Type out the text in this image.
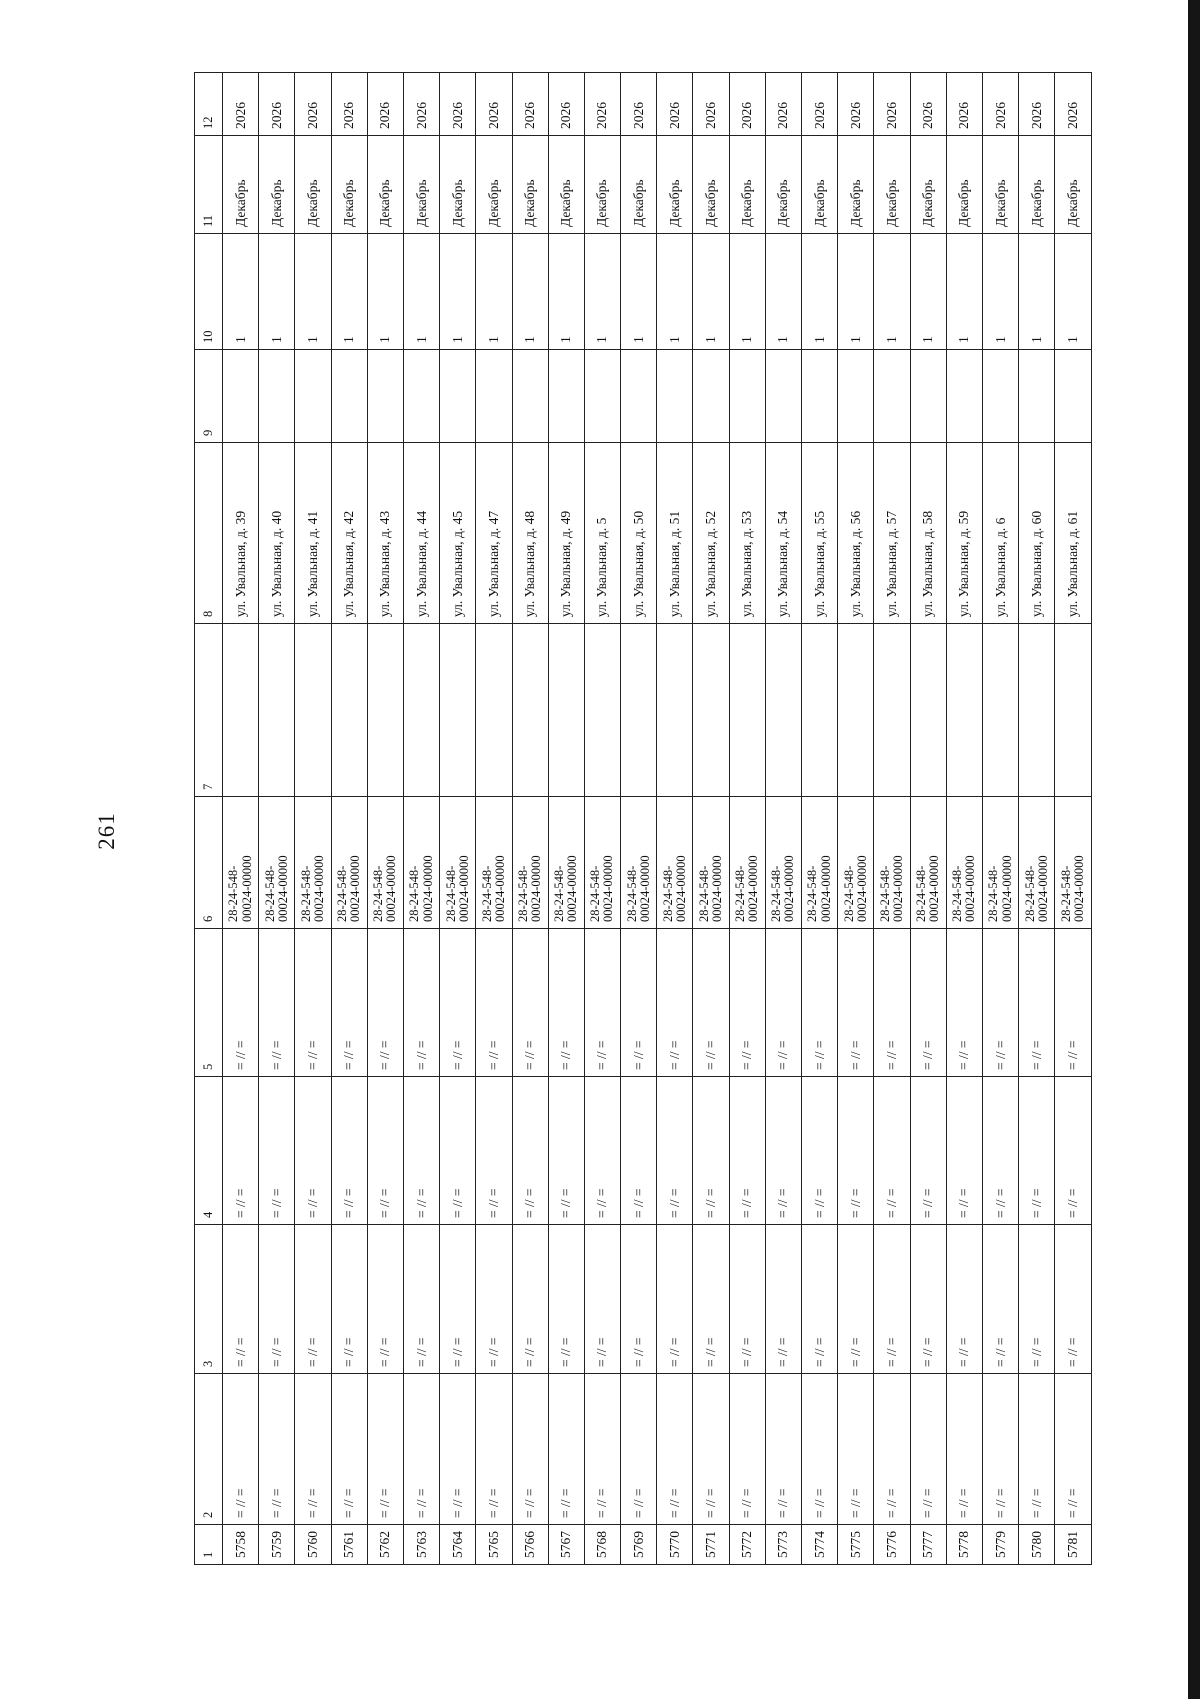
261
1	2	3	4	5	6	7	8	9	10	11	12
5758	= // =	= // =	= // =	= // =	28-24-548- 00024-00000		ул. Увальная, д. 39		1	Декабрь	2026
5759	= // =	= // =	= // =	= // =	28-24-548- 00024-00000		ул. Увальная, д. 40		1	Декабрь	2026
5760	= // =	= // =	= // =	= // =	28-24-548- 00024-00000		ул. Увальная, д. 41		1	Декабрь	2026
5761	= // =	= // =	= // =	= // =	28-24-548- 00024-00000		ул. Увальная, д. 42		1	Декабрь	2026
5762	= // =	= // =	= // =	= // =	28-24-548- 00024-00000		ул. Увальная, д. 43		1	Декабрь	2026
5763	= // =	= // =	= // =	= // =	28-24-548- 00024-00000		ул. Увальная, д. 44		1	Декабрь	2026
5764	= // =	= // =	= // =	= // =	28-24-548- 00024-00000		ул. Увальная, д. 45		1	Декабрь	2026
5765	= // =	= // =	= // =	= // =	28-24-548- 00024-00000		ул. Увальная, д. 47		1	Декабрь	2026
5766	= // =	= // =	= // =	= // =	28-24-548- 00024-00000		ул. Увальная, д. 48		1	Декабрь	2026
5767	= // =	= // =	= // =	= // =	28-24-548- 00024-00000		ул. Увальная, д. 49		1	Декабрь	2026
5768	= // =	= // =	= // =	= // =	28-24-548- 00024-00000		ул. Увальная, д. 5		1	Декабрь	2026
5769	= // =	= // =	= // =	= // =	28-24-548- 00024-00000		ул. Увальная, д. 50		1	Декабрь	2026
5770	= // =	= // =	= // =	= // =	28-24-548- 00024-00000		ул. Увальная, д. 51		1	Декабрь	2026
5771	= // =	= // =	= // =	= // =	28-24-548- 00024-00000		ул. Увальная, д. 52		1	Декабрь	2026
5772	= // =	= // =	= // =	= // =	28-24-548- 00024-00000		ул. Увальная, д. 53		1	Декабрь	2026
5773	= // =	= // =	= // =	= // =	28-24-548- 00024-00000		ул. Увальная, д. 54		1	Декабрь	2026
5774	= // =	= // =	= // =	= // =	28-24-548- 00024-00000		ул. Увальная, д. 55		1	Декабрь	2026
5775	= // =	= // =	= // =	= // =	28-24-548- 00024-00000		ул. Увальная, д. 56		1	Декабрь	2026
5776	= // =	= // =	= // =	= // =	28-24-548- 00024-00000		ул. Увальная, д. 57		1	Декабрь	2026
5777	= // =	= // =	= // =	= // =	28-24-548- 00024-00000		ул. Увальная, д. 58		1	Декабрь	2026
5778	= // =	= // =	= // =	= // =	28-24-548- 00024-00000		ул. Увальная, д. 59		1	Декабрь	2026
5779	= // =	= // =	= // =	= // =	28-24-548- 00024-00000		ул. Увальная, д. 6		1	Декабрь	2026
5780	= // =	= // =	= // =	= // =	28-24-548- 00024-00000		ул. Увальная, д. 60		1	Декабрь	2026
5781	= // =	= // =	= // =	= // =	28-24-548- 00024-00000		ул. Увальная, д. 61		1	Декабрь	2026
